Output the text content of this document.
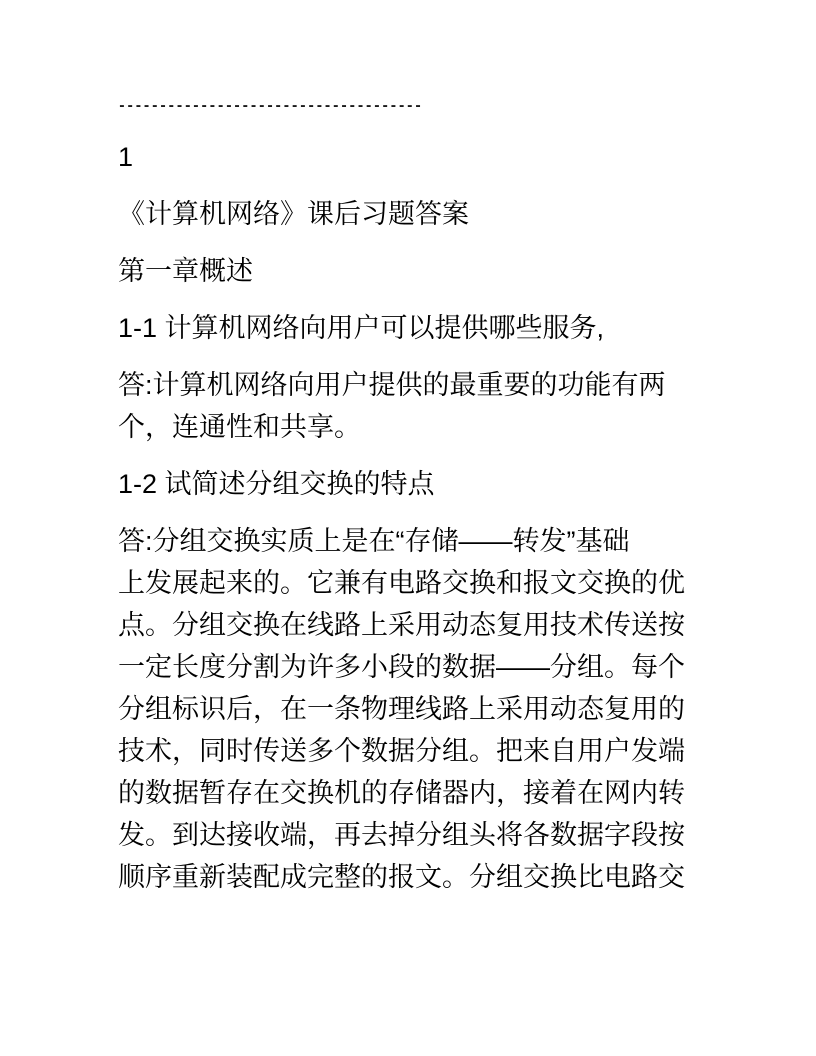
-------------------------------------
1
《计算机网络》课后习题答案
第一章概述
1-1 计算机网络向用户可以提供哪些服务,
答:计算机网络向用户提供的最重要的功能有两
个，连通性和共享。
1-2 试简述分组交换的特点
答:分组交换实质上是在“存储——转发”基础
上发展起来的。它兼有电路交换和报文交换的优
点。分组交换在线路上采用动态复用技术传送按
一定长度分割为许多小段的数据——分组。每个
分组标识后，在一条物理线路上采用动态复用的
技术，同时传送多个数据分组。把来自用户发端
的数据暂存在交换机的存储器内，接着在网内转
发。到达接收端，再去掉分组头将各数据字段按
顺序重新装配成完整的报文。分组交换比电路交
